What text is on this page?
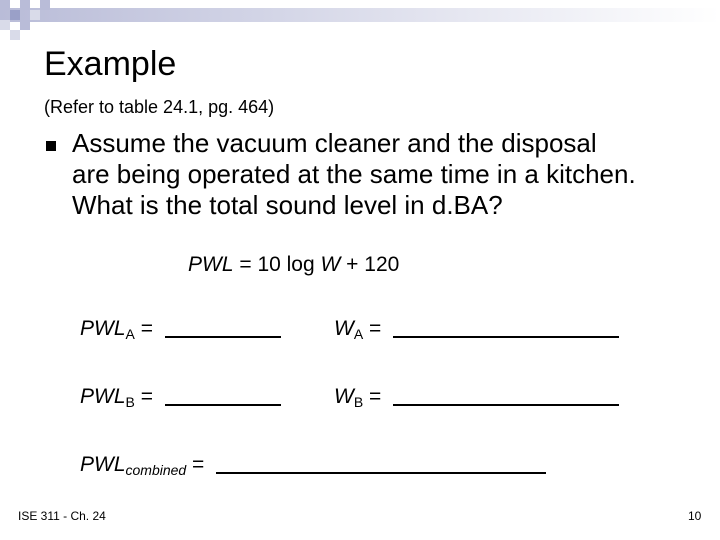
Example
(Refer to table 24.1, pg. 464)
Assume the vacuum cleaner and the disposal
are being operated at the same time in a kitchen.
What is the total sound level in d.BA?
PWL = 10 log W + 120
$PWL_A$ =	$W_A$ =
$PWL_B$ =	$W_B$ =
$PWL_{combined}$ =
ISE 311 - Ch. 24	10
